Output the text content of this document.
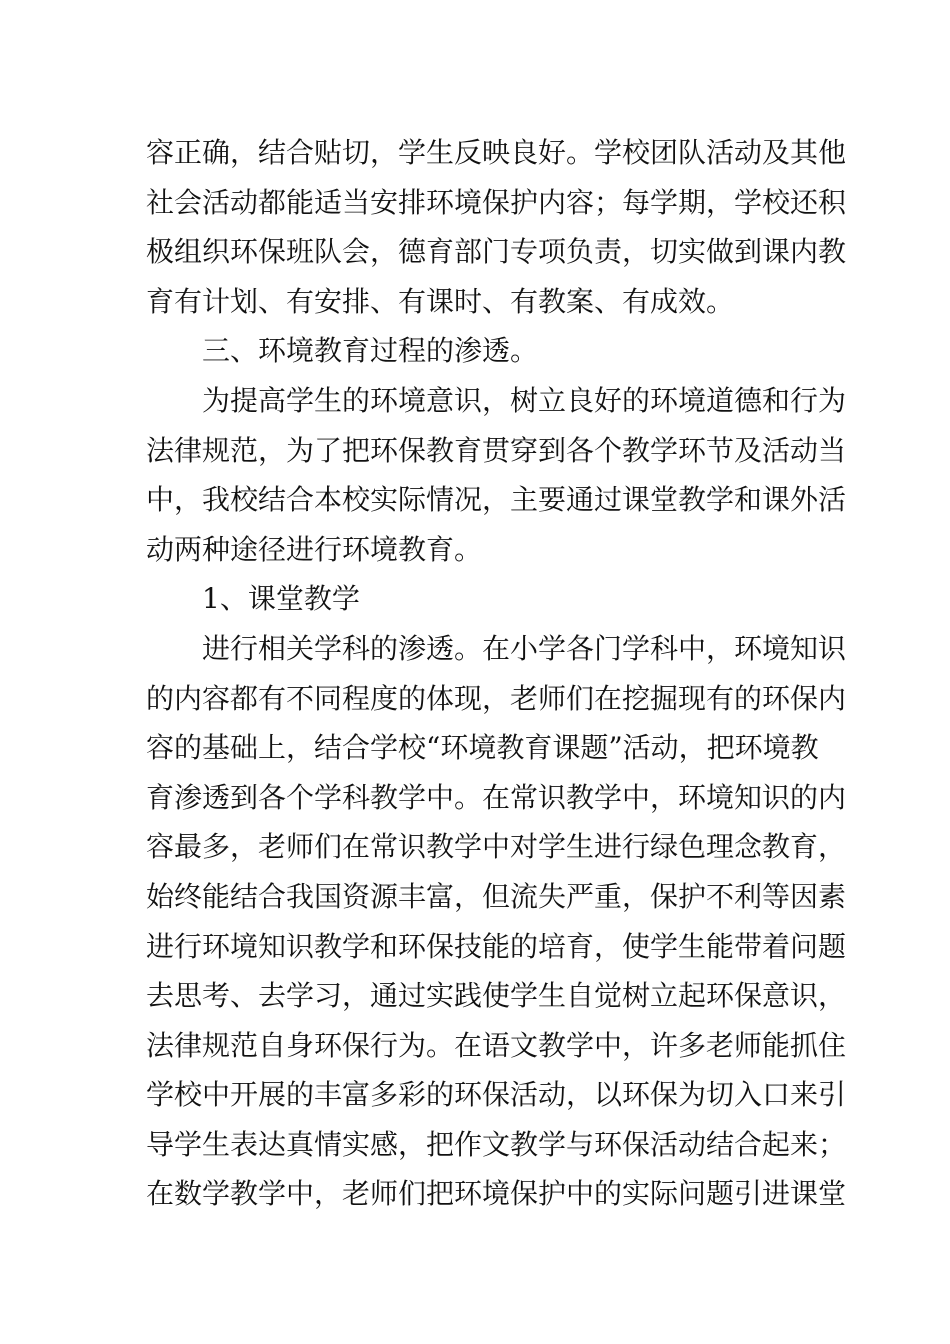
容正确，结合贴切，学生反映良好。学校团队活动及其他
社会活动都能适当安排环境保护内容；每学期，学校还积
极组织环保班队会，德育部门专项负责，切实做到课内教
育有计划、有安排、有课时、有教案、有成效。
三、环境教育过程的渗透。
为提高学生的环境意识，树立良好的环境道德和行为
法律规范，为了把环保教育贯穿到各个教学环节及活动当
中，我校结合本校实际情况，主要通过课堂教学和课外活
动两种途径进行环境教育。
1、课堂教学
进行相关学科的渗透。在小学各门学科中，环境知识
的内容都有不同程度的体现，老师们在挖掘现有的环保内
容的基础上，结合学校“环境教育课题”活动，把环境教
育渗透到各个学科教学中。在常识教学中，环境知识的内
容最多，老师们在常识教学中对学生进行绿色理念教育，
始终能结合我国资源丰富，但流失严重，保护不利等因素
进行环境知识教学和环保技能的培育，使学生能带着问题
去思考、去学习，通过实践使学生自觉树立起环保意识，
法律规范自身环保行为。在语文教学中，许多老师能抓住
学校中开展的丰富多彩的环保活动，以环保为切入口来引
导学生表达真情实感，把作文教学与环保活动结合起来；
在数学教学中，老师们把环境保护中的实际问题引进课堂
